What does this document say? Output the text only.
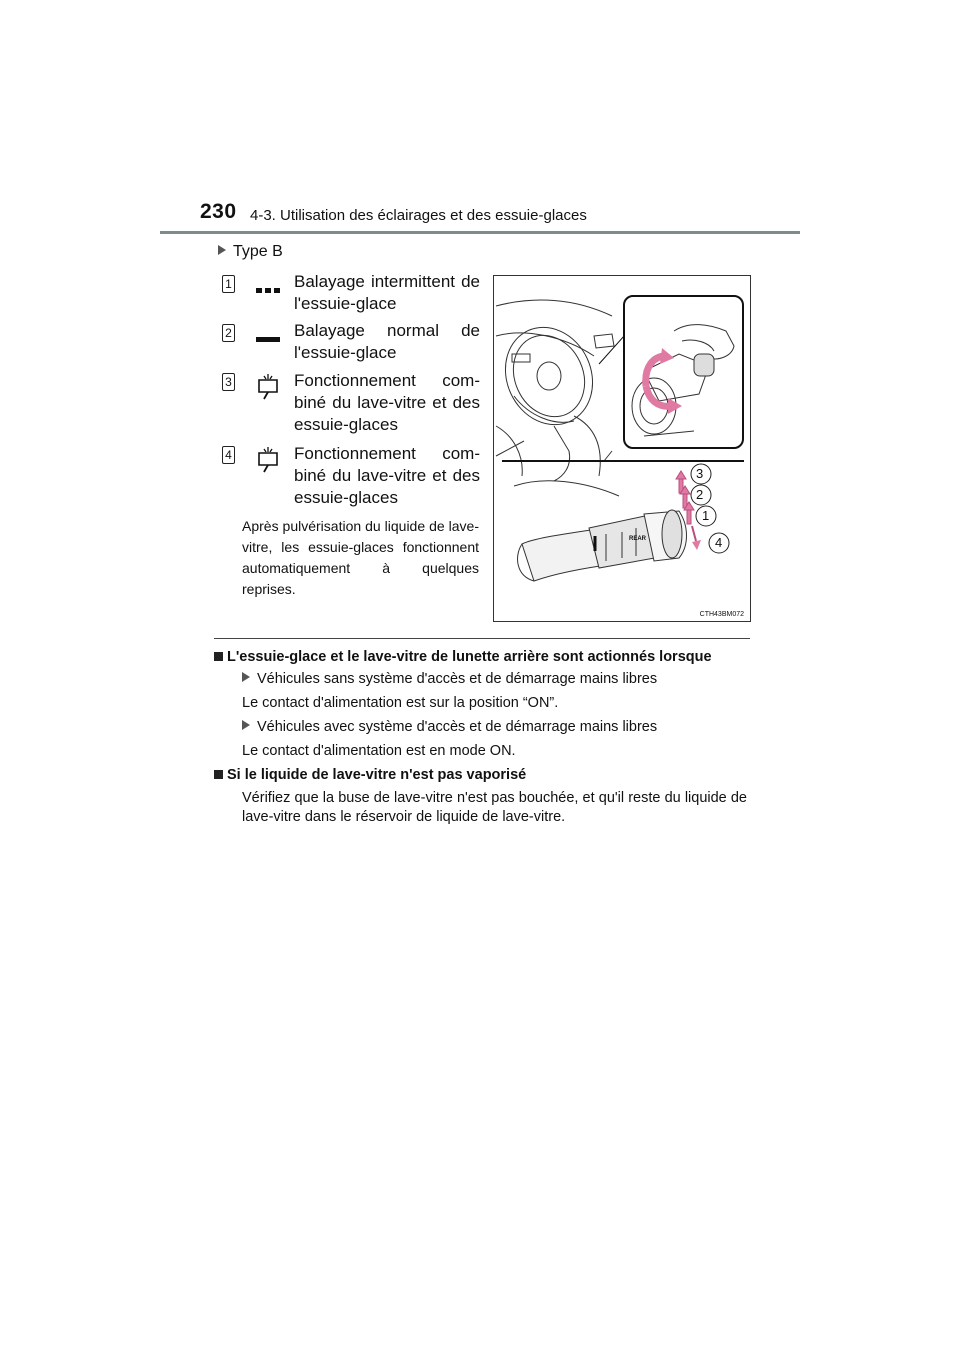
230 4-3. Utilisation des éclairages et des essuie-glaces
Type B
1	Balayage intermittent de
l'essuie-glace
2	Balayage normal de
l'essuie-glace
3	Fonctionnement com-
biné du lave-vitre et des
essuie-glaces
4	Fonctionnement com-
biné du lave-vitre et des
essuie-glaces
Après pulvérisation du liquide de lave-vitre, les essuie-glaces fonctionnent automatiquement à quelques reprises.
3
2
1
4
REAR
CTH43BM072
L'essuie-glace et le lave-vitre de lunette arrière sont actionnés lorsque
Véhicules sans système d'accès et de démarrage mains libres
Le contact d'alimentation est sur la position “ON”.
Véhicules avec système d'accès et de démarrage mains libres
Le contact d'alimentation est en mode ON.
Si le liquide de lave-vitre n'est pas vaporisé
Vérifiez que la buse de lave-vitre n'est pas bouchée, et qu'il reste du liquide de lave-vitre dans le réservoir de liquide de lave-vitre.
